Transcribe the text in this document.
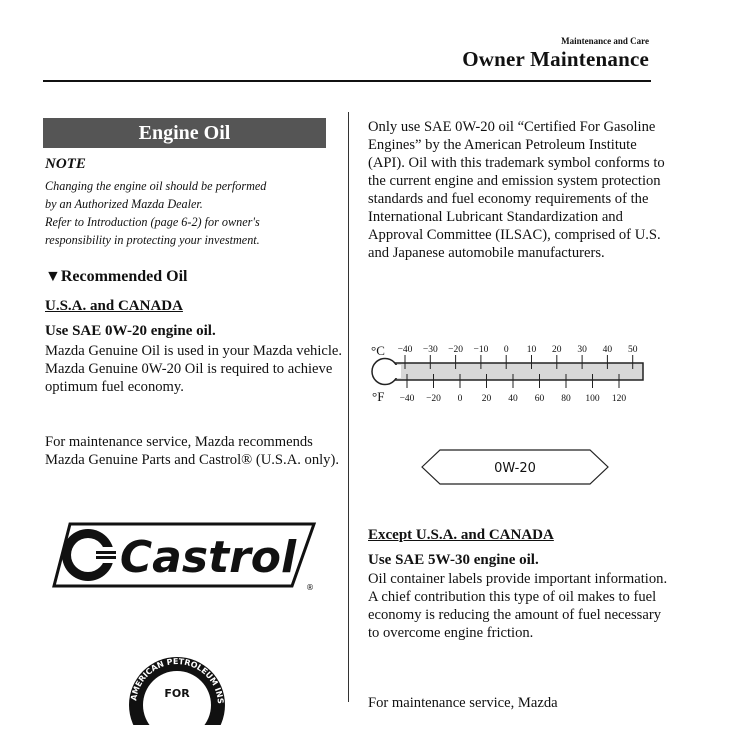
Maintenance and Care
Owner Maintenance
Engine Oil
NOTE
Changing the engine oil should be performed
by an Authorized Mazda Dealer.
Refer to Introduction (page 6-2) for owner's
responsibility in protecting your investment.
▼Recommended Oil
U.S.A. and CANADA
Use SAE 0W-20 engine oil.
Mazda Genuine Oil is used in your Mazda vehicle. Mazda Genuine 0W-20 Oil is required to achieve optimum fuel economy.
For maintenance service, Mazda recommends Mazda Genuine Parts and Castrol® (U.S.A. only).
Castrol
®
AMERICAN PETROLEUM INS
FOR
Only use SAE 0W-20 oil “Certified For Gasoline Engines” by the American Petroleum Institute (API). Oil with this trademark symbol conforms to the current engine and emission system protection standards and fuel economy requirements of the International Lubricant Standardization and Approval Committee (ILSAC), comprised of U.S. and Japanese automobile manufacturers.
°C
°F
−40 −30 −20 −10 0 10 20 30 40 50
−40 −20 0 20 40 60 80 100 120
0W-20
Except U.S.A. and CANADA
Use SAE 5W-30 engine oil.
Oil container labels provide important information. A chief contribution this type of oil makes to fuel economy is reducing the amount of fuel necessary to overcome engine friction.
For maintenance service, Mazda
